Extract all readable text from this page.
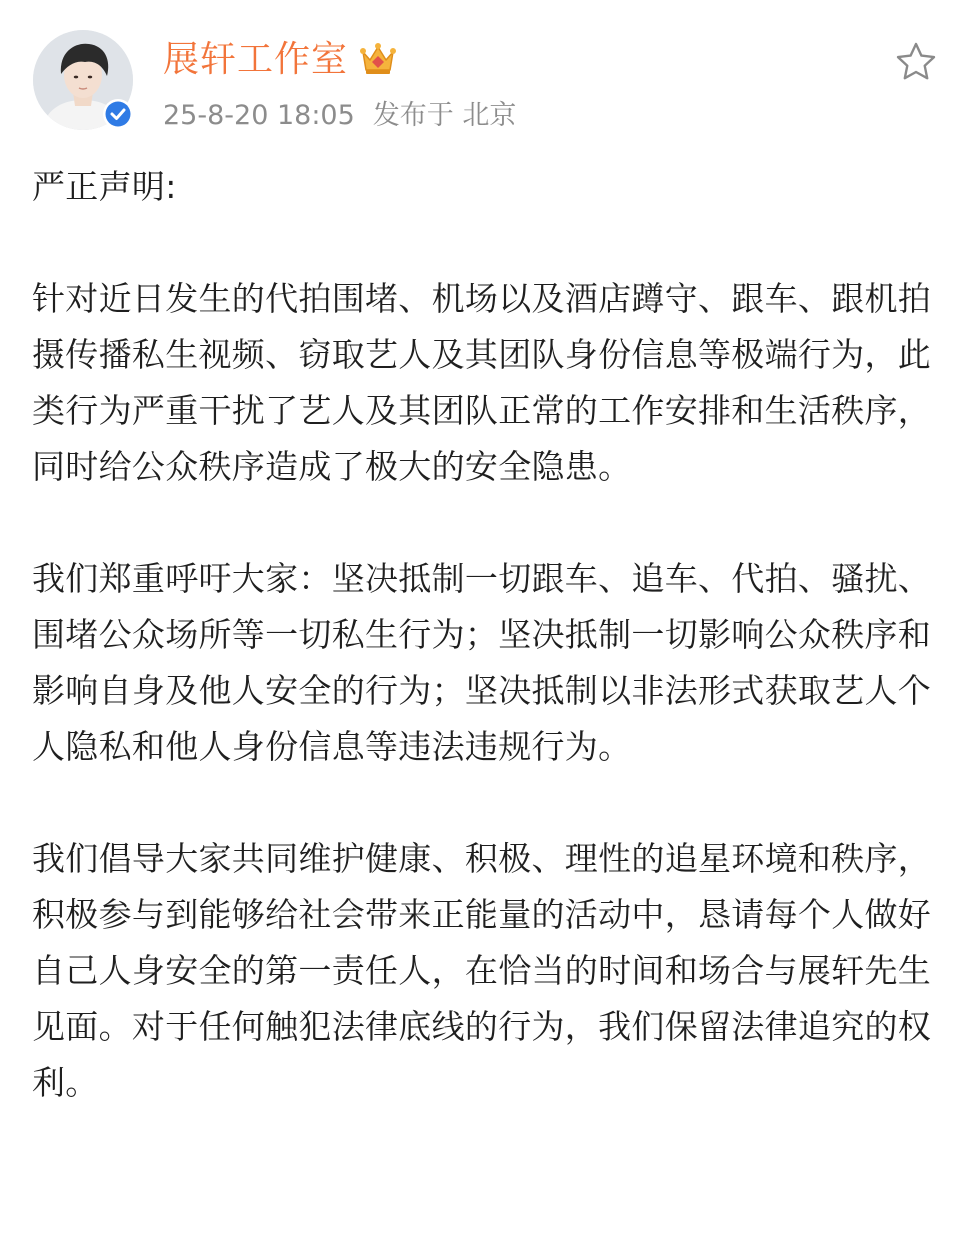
展轩工作室
25-8-20 18:05 发布于 北京

严正声明:

针对近日发生的代拍围堵、机场以及酒店蹲守、跟车、跟机拍摄传播私生视频、窃取艺人及其团队身份信息等极端行为，此类行为严重干扰了艺人及其团队正常的工作安排和生活秩序，同时给公众秩序造成了极大的安全隐患。

我们郑重呼吁大家：坚决抵制一切跟车、追车、代拍、骚扰、围堵公众场所等一切私生行为；坚决抵制一切影响公众秩序和影响自身及他人安全的行为；坚决抵制以非法形式获取艺人个人隐私和他人身份信息等违法违规行为。

我们倡导大家共同维护健康、积极、理性的追星环境和秩序，积极参与到能够给社会带来正能量的活动中，恳请每个人做好自己人身安全的第一责任人，在恰当的时间和场合与展轩先生见面。对于任何触犯法律底线的行为，我们保留法律追究的权利。
